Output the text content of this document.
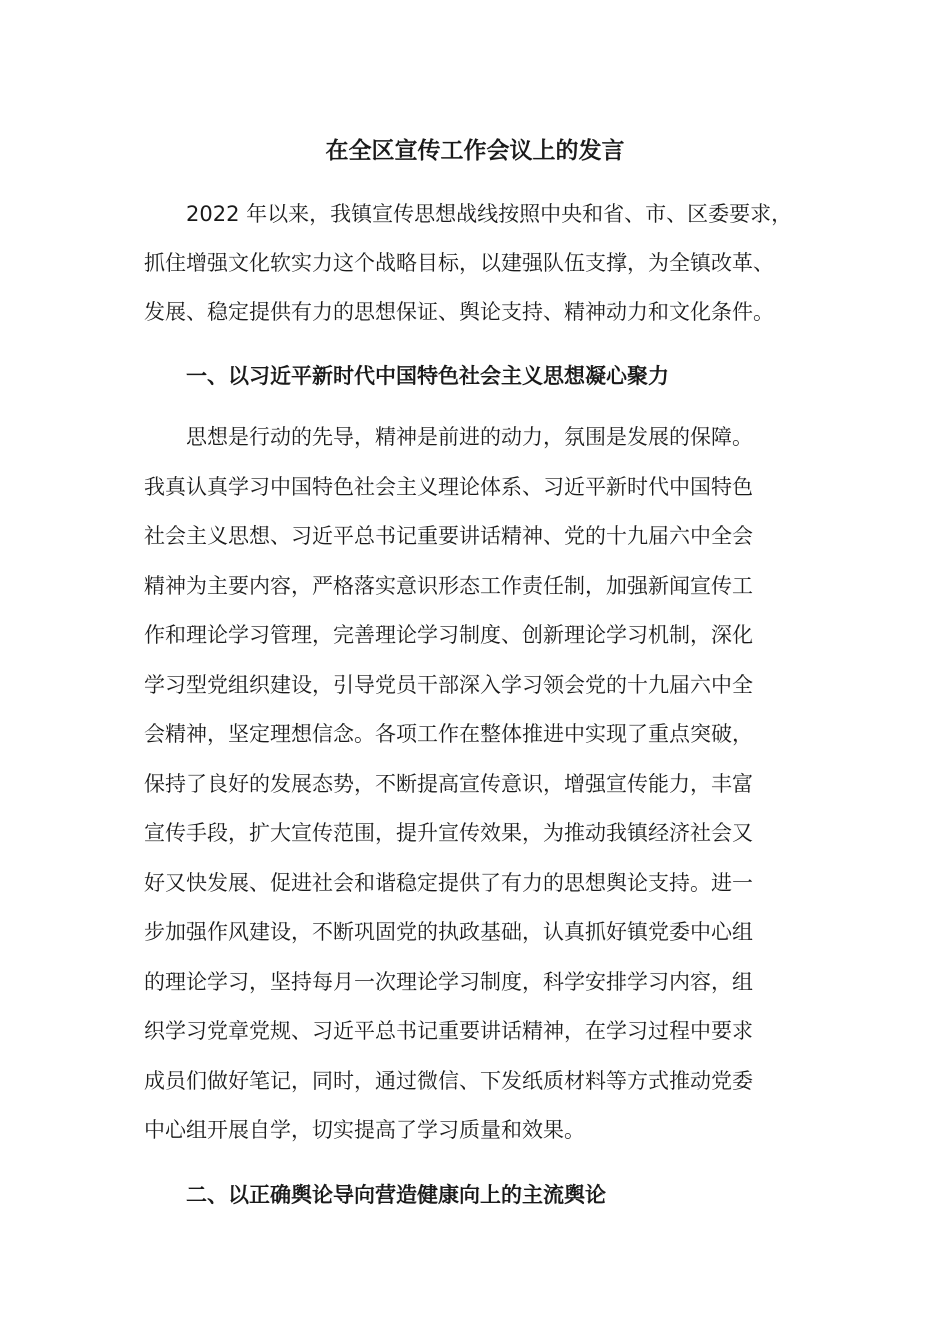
在全区宣传工作会议上的发言

2022 年以来，我镇宣传思想战线按照中央和省、市、区委要求，

抓住增强文化软实力这个战略目标，以建强队伍支撑，为全镇改革、

发展、稳定提供有力的思想保证、舆论支持、精神动力和文化条件。

一、以习近平新时代中国特色社会主义思想凝心聚力

思想是行动的先导，精神是前进的动力，氛围是发展的保障。

我真认真学习中国特色社会主义理论体系、习近平新时代中国特色

社会主义思想、习近平总书记重要讲话精神、党的十九届六中全会

精神为主要内容，严格落实意识形态工作责任制，加强新闻宣传工

作和理论学习管理，完善理论学习制度、创新理论学习机制，深化

学习型党组织建设，引导党员干部深入学习领会党的十九届六中全

会精神，坚定理想信念。各项工作在整体推进中实现了重点突破，

保持了良好的发展态势，不断提高宣传意识，增强宣传能力，丰富

宣传手段，扩大宣传范围，提升宣传效果，为推动我镇经济社会又

好又快发展、促进社会和谐稳定提供了有力的思想舆论支持。进一

步加强作风建设，不断巩固党的执政基础，认真抓好镇党委中心组

的理论学习，坚持每月一次理论学习制度，科学安排学习内容，组

织学习党章党规、习近平总书记重要讲话精神，在学习过程中要求

成员们做好笔记，同时，通过微信、下发纸质材料等方式推动党委

中心组开展自学，切实提高了学习质量和效果。

二、以正确舆论导向营造健康向上的主流舆论
